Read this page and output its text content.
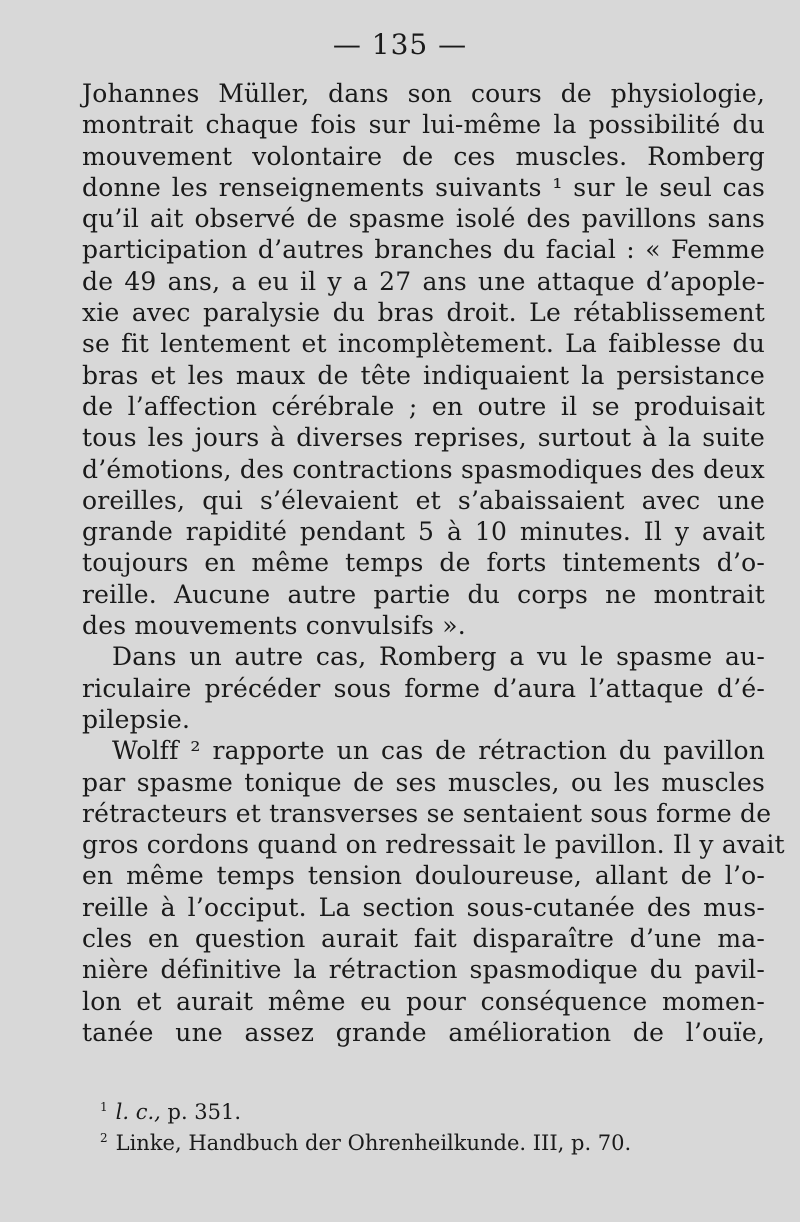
— 135 —
Johannes Müller, dans son cours de physiologie,
montrait chaque fois sur lui-même la possibilité du
mouvement volontaire de ces muscles. Romberg
donne les renseignements suivants ¹ sur le seul cas
qu’il ait observé de spasme isolé des pavillons sans
participation d’autres branches du facial : « Femme
de 49 ans, a eu il y a 27 ans une attaque d’apople-
xie avec paralysie du bras droit. Le rétablissement
se fit lentement et incomplètement. La faiblesse du
bras et les maux de tête indiquaient la persistance
de l’affection cérébrale ; en outre il se produisait
tous les jours à diverses reprises, surtout à la suite
d’émotions, des contractions spasmodiques des deux
oreilles, qui s’élevaient et s’abaissaient avec une
grande rapidité pendant 5 à 10 minutes. Il y avait
toujours en même temps de forts tintements d’o-
reille. Aucune autre partie du corps ne montrait
des mouvements convulsifs ».
Dans un autre cas, Romberg a vu le spasme au-
riculaire précéder sous forme d’aura l’attaque d’é-
pilepsie.
Wolff ² rapporte un cas de rétraction du pavillon
par spasme tonique de ses muscles, ou les muscles
rétracteurs et transverses se sentaient sous forme de
gros cordons quand on redressait le pavillon. Il y avait
en même temps tension douloureuse, allant de l’o-
reille à l’occiput. La section sous-cutanée des mus-
cles en question aurait fait disparaître d’une ma-
nière définitive la rétraction spasmodique du pavil-
lon et aurait même eu pour conséquence momen-
tanée une assez grande amélioration de l’ouïe,
$^1$ l. c., p. 351.
$^2$ Linke, Handbuch der Ohrenheilkunde. III, p. 70.
